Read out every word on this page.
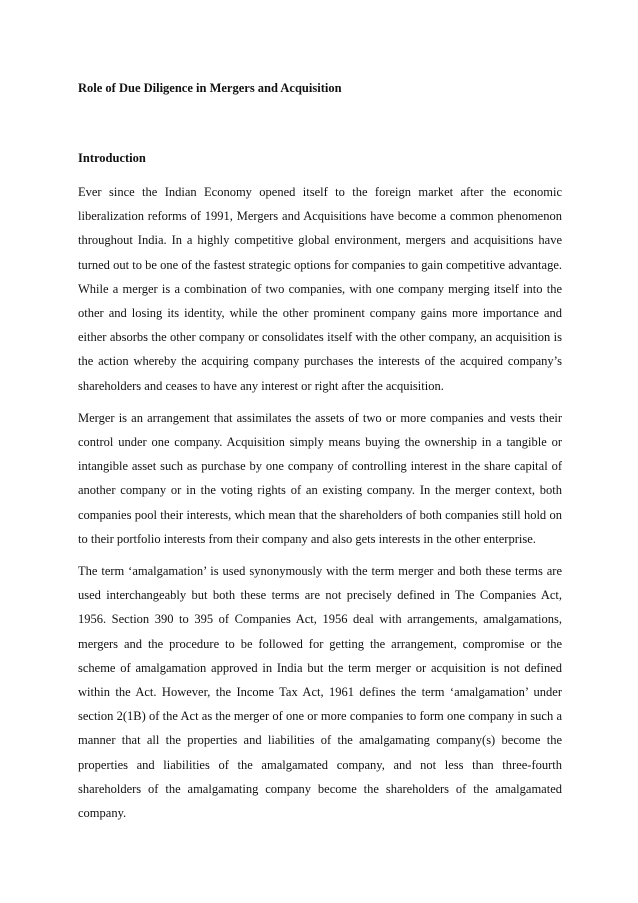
Role of Due Diligence in Mergers and Acquisition

Introduction

Ever since the Indian Economy opened itself to the foreign market after the economic liberalization reforms of 1991, Mergers and Acquisitions have become a common phenomenon throughout India. In a highly competitive global environment, mergers and acquisitions have turned out to be one of the fastest strategic options for companies to gain competitive advantage. While a merger is a combination of two companies, with one company merging itself into the other and losing its identity, while the other prominent company gains more importance and either absorbs the other company or consolidates itself with the other company, an acquisition is the action whereby the acquiring company purchases the interests of the acquired company’s shareholders and ceases to have any interest or right after the acquisition.

Merger is an arrangement that assimilates the assets of two or more companies and vests their control under one company. Acquisition simply means buying the ownership in a tangible or intangible asset such as purchase by one company of controlling interest in the share capital of another company or in the voting rights of an existing company. In the merger context, both companies pool their interests, which mean that the shareholders of both companies still hold on to their portfolio interests from their company and also gets interests in the other enterprise.

The term ‘amalgamation’ is used synonymously with the term merger and both these terms are used interchangeably but both these terms are not precisely defined in The Companies Act, 1956. Section 390 to 395 of Companies Act, 1956 deal with arrangements, amalgamations, mergers and the procedure to be followed for getting the arrangement, compromise or the scheme of amalgamation approved in India but the term merger or acquisition is not defined within the Act. However, the Income Tax Act, 1961 defines the term ‘amalgamation’ under section 2(1B) of the Act as the merger of one or more companies to form one company in such a manner that all the properties and liabilities of the amalgamating company(s) become the properties and liabilities of the amalgamated company, and not less than three-fourth shareholders of the amalgamating company become the shareholders of the amalgamated company.
